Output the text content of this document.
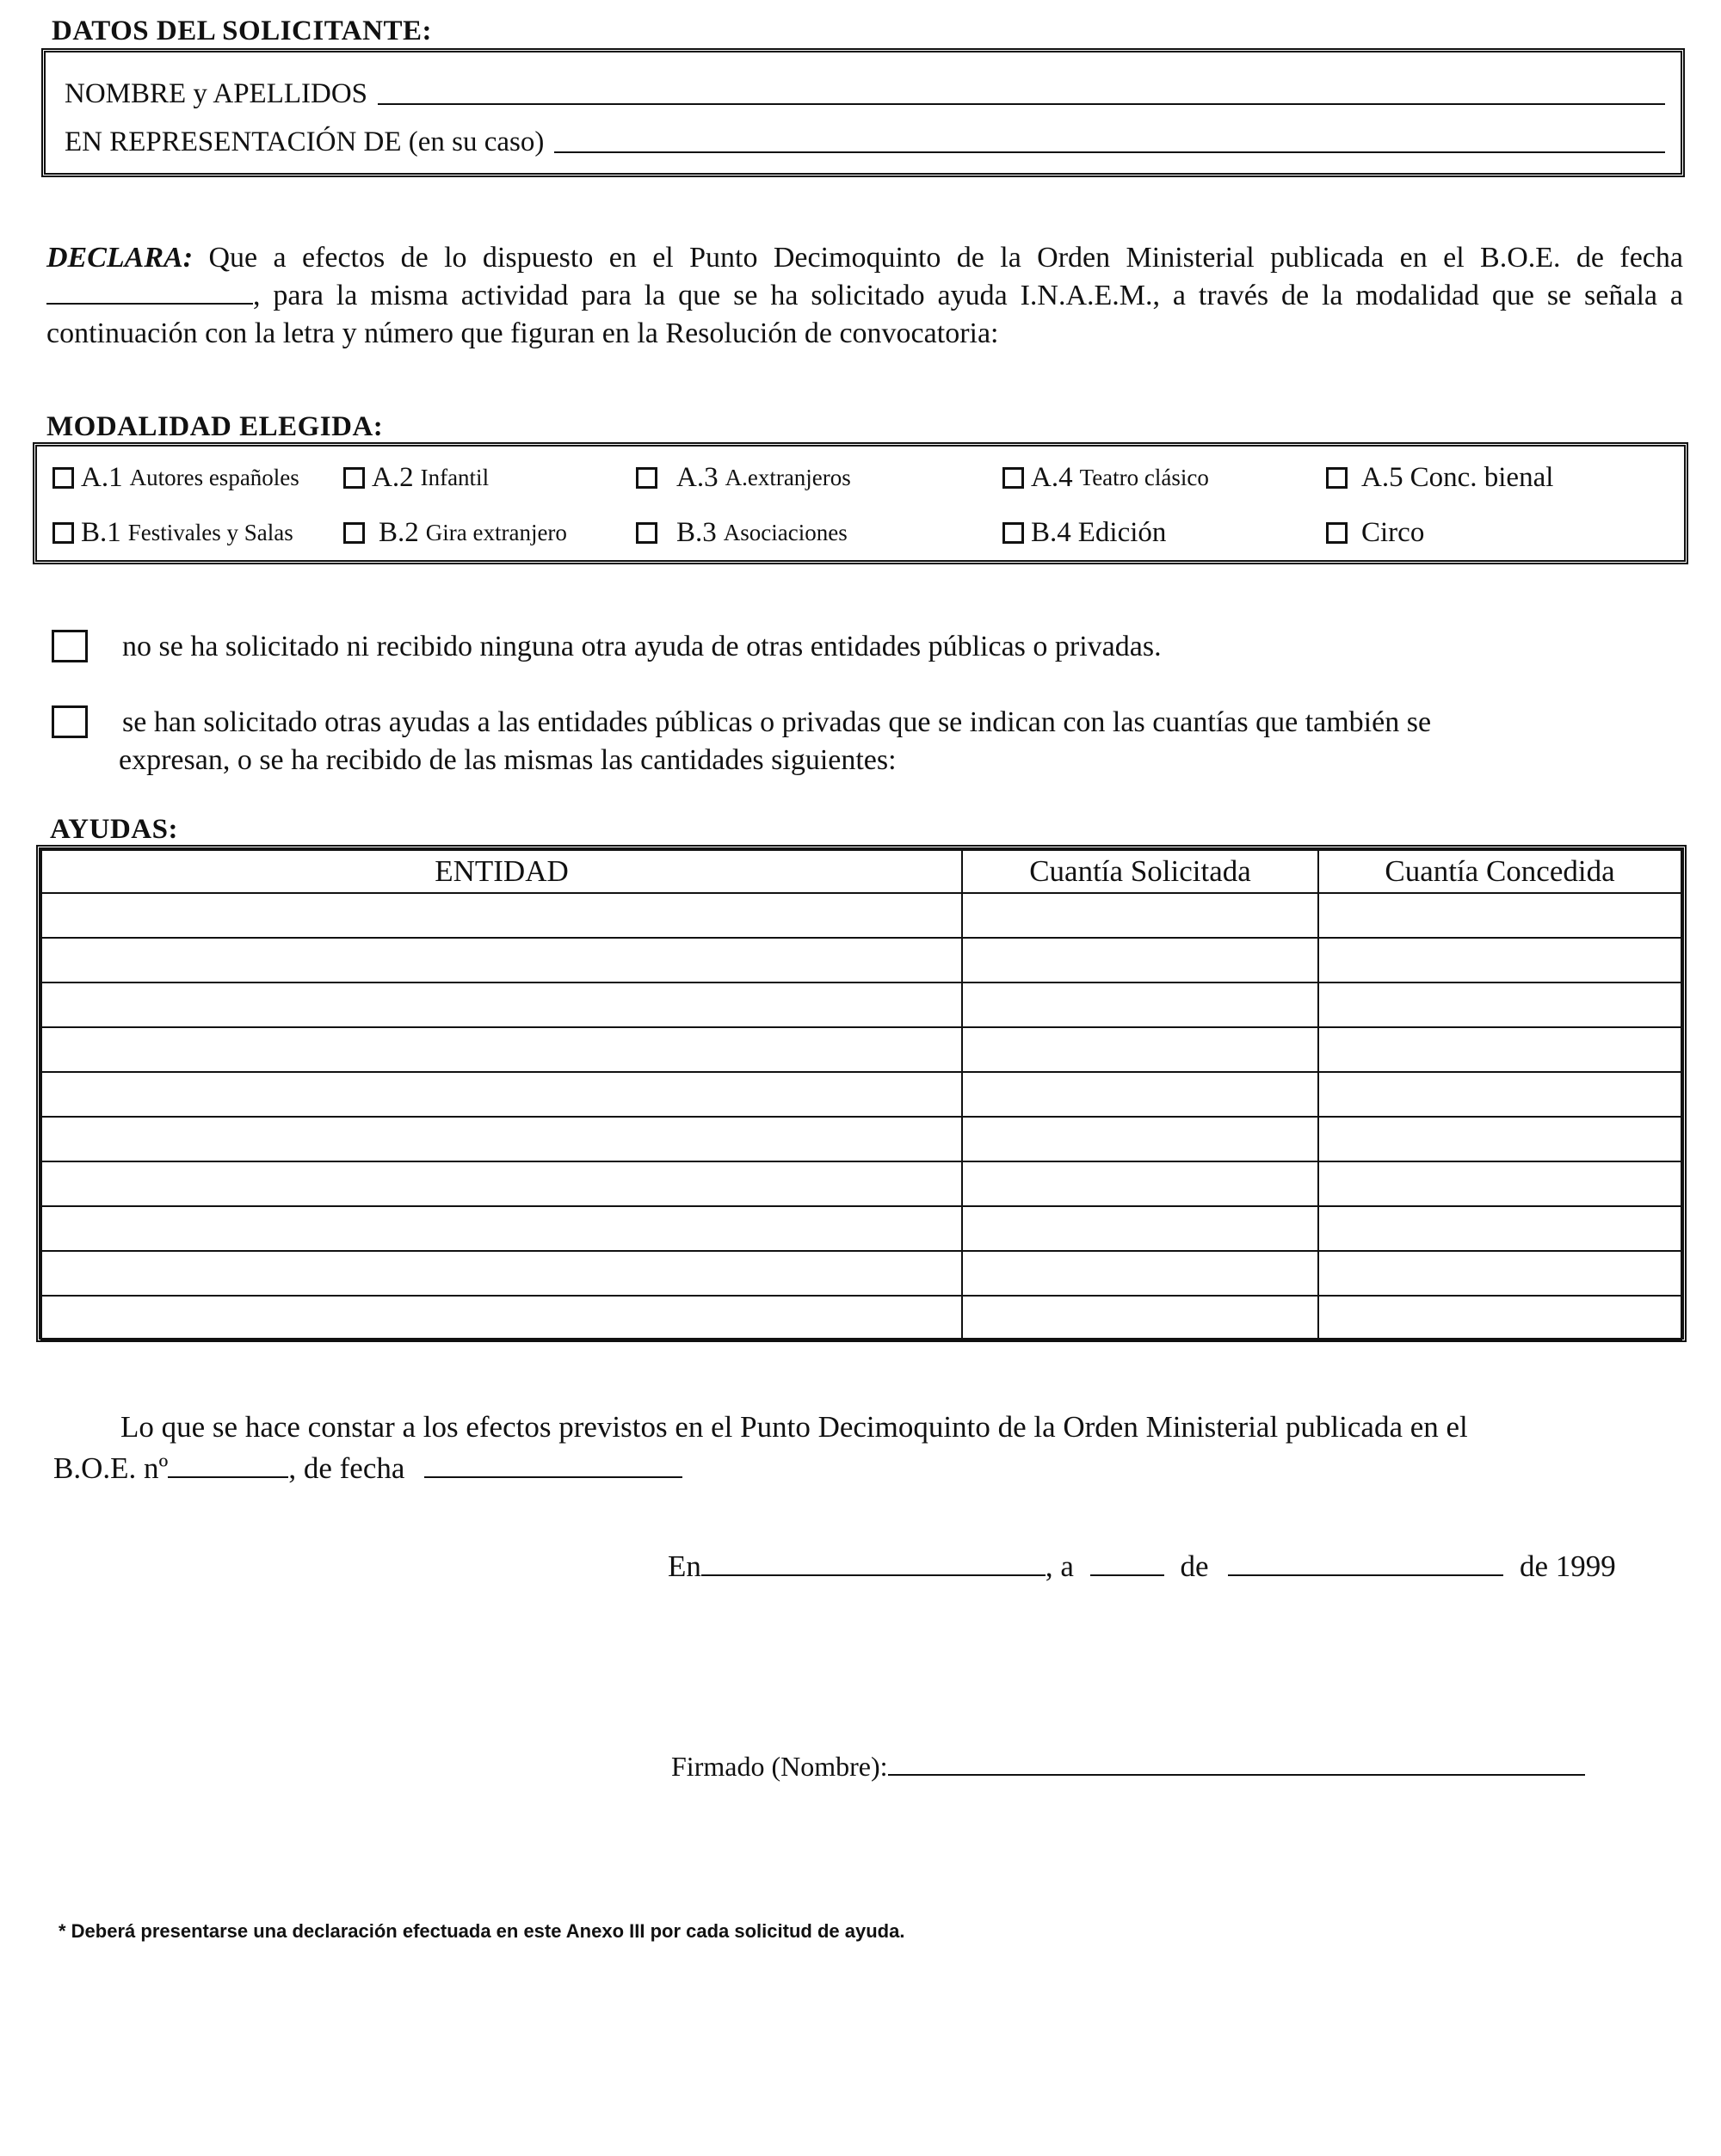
DATOS DEL SOLICITANTE:
NOMBRE y APELLIDOS
EN REPRESENTACIÓN DE (en su caso)
DECLARA: Que a efectos de lo dispuesto en el Punto Decimoquinto de la Orden Ministerial publicada en el B.O.E. de fecha, para la misma actividad para la que se ha solicitado ayuda I.N.A.E.M., a través de la modalidad que se señala a continuación con la letra y número que figuran en la Resolución de convocatoria:
MODALIDAD ELEGIDA:
A.1 Autores españoles	A.2 Infantil	A.3 A.extranjeros	A.4 Teatro clásico	A.5 Conc. bienal
B.1 Festivales y Salas	B.2 Gira extranjero	B.3 Asociaciones	B.4 Edición	Circo
no se ha solicitado ni recibido ninguna otra ayuda de otras entidades públicas o privadas.
se han solicitado otras ayudas a las entidades públicas o privadas que se indican con las cuantías que también se
expresan, o se ha recibido de las mismas las cantidades siguientes:
AYUDAS:
ENTIDAD	Cuantía Solicitada	Cuantía Concedida

Lo que se hace constar a los efectos previstos en el Punto Decimoquinto de la Orden Ministerial publicada en el
B.O.E. nº	, de fecha
En	, a	de	de 1999
Firmado (Nombre):
* Deberá presentarse una declaración efectuada en este Anexo III por cada solicitud de ayuda.
